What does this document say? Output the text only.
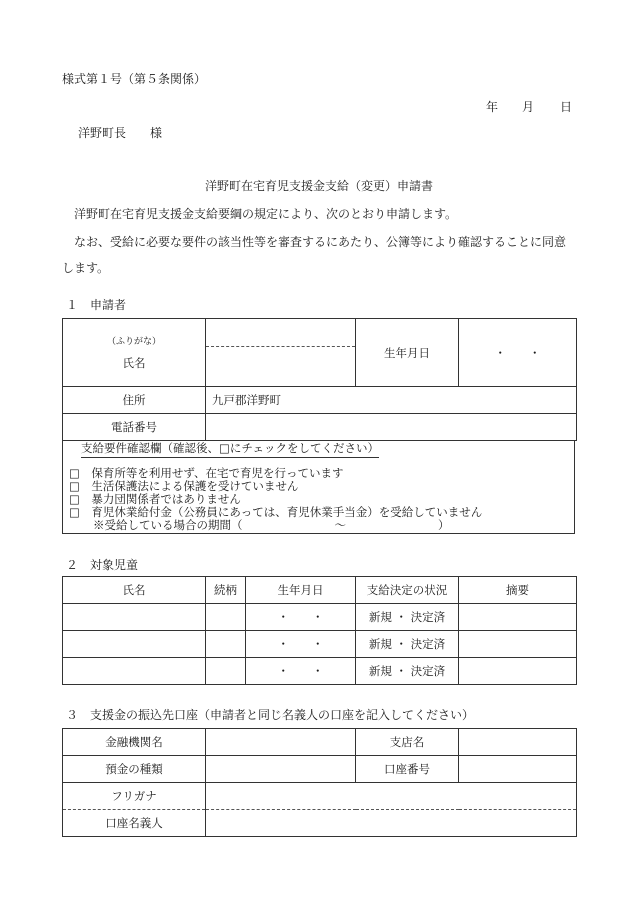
様式第１号（第５条関係）
年 月 日
洋野町長　　様
洋野町在宅育児支援金支給（変更）申請書
洋野町在宅育児支援金支給要綱の規定により、次のとおり申請します。
なお、受給に必要な要件の該当性等を審査するにあたり、公簿等により確認することに同意
します。
１　申請者
（ふりがな）
氏名		生年月日	・　　・

住所	九戸郡洋野町		
電話番号			
支給要件確認欄（確認後、□にチェックをしてください）
□　保育所等を利用せず、在宅で育児を行っています
□　生活保護法による保護を受けていません
□　暴力団関係者ではありません
□　育児休業給付金（公務員にあっては、育児休業手当金）を受給していません
※受給している場合の期間（　　　　　　　　～　　　　　　　　）
２　対象児童
氏名	続柄	生年月日	支給決定の状況	摘要
		・　　・	新規 ・ 決定済	
		・　　・	新規 ・ 決定済	
		・　　・	新規 ・ 決定済	
３　支援金の振込先口座（申請者と同じ名義人の口座を記入してください）
金融機関名		支店名	
預金の種類		口座番号	
フリガナ			
口座名義人			
